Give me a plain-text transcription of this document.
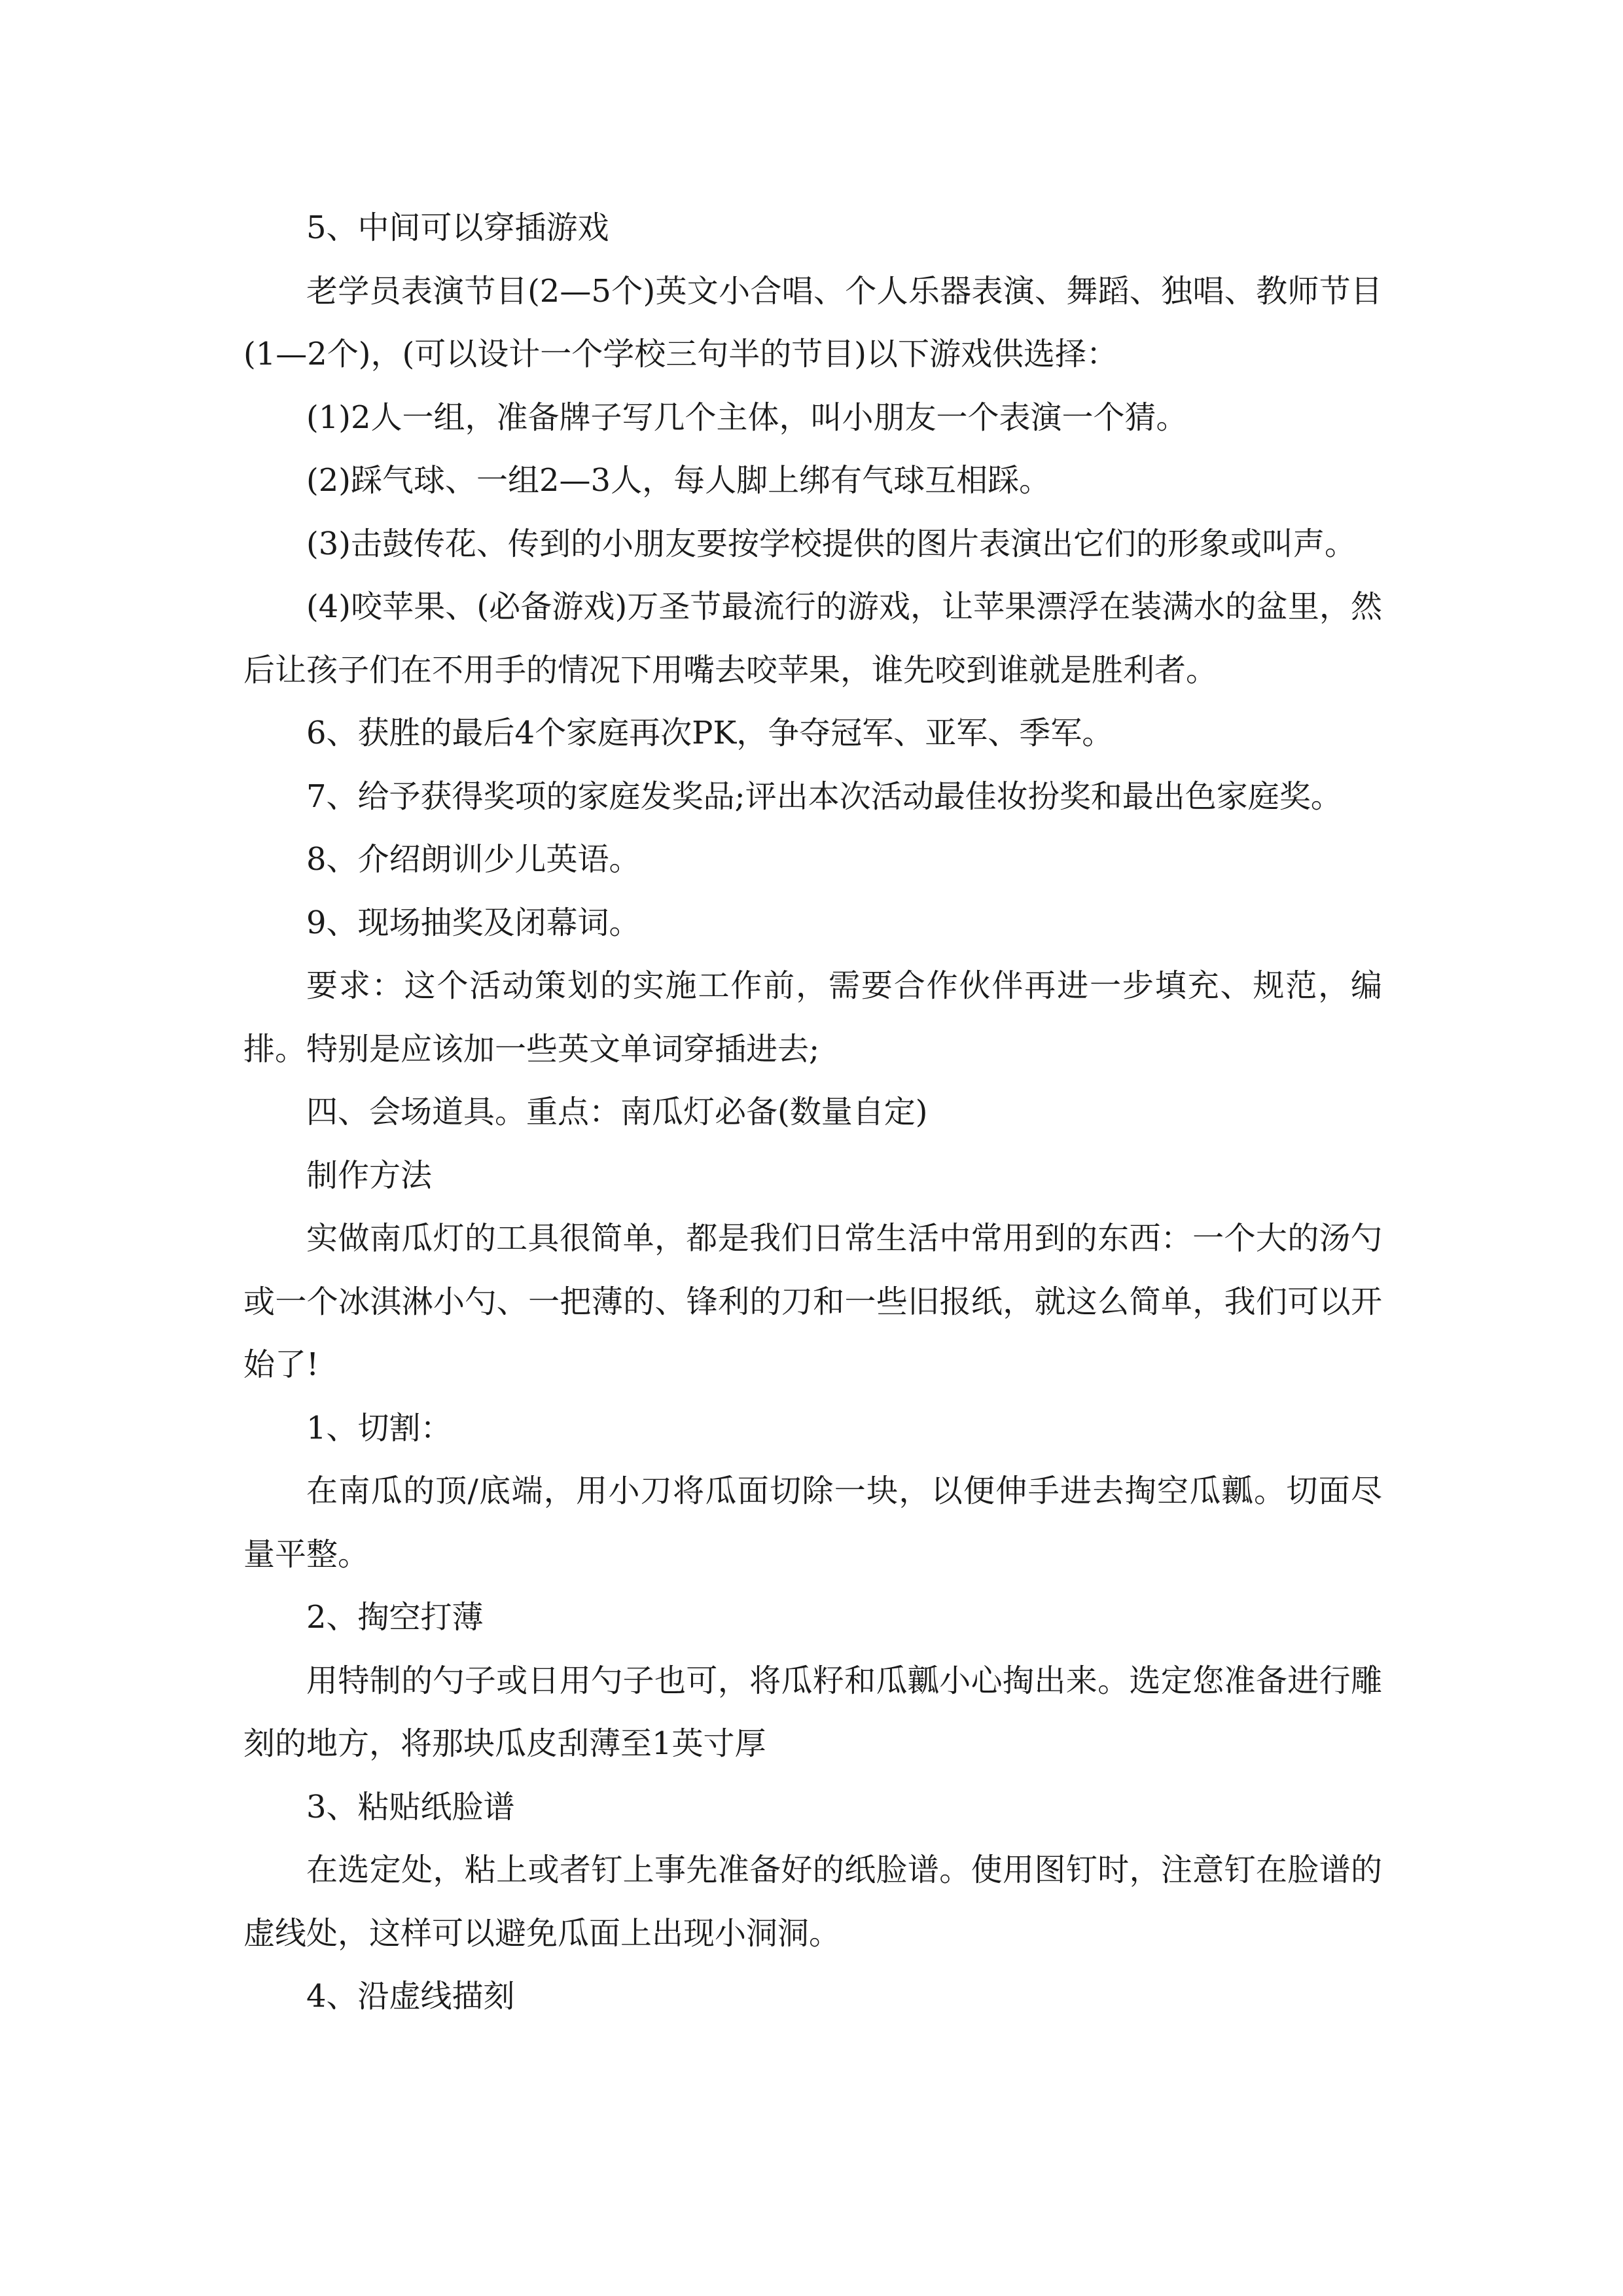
5、中间可以穿插游戏

老学员表演节目(2—5个)英文小合唱、个人乐器表演、舞蹈、独唱、教师节目(1—2个)，(可以设计一个学校三句半的节目)以下游戏供选择：

(1)2人一组，准备牌子写几个主体，叫小朋友一个表演一个猜。

(2)踩气球、一组2—3人，每人脚上绑有气球互相踩。

(3)击鼓传花、传到的小朋友要按学校提供的图片表演出它们的形象或叫声。

(4)咬苹果、(必备游戏)万圣节最流行的游戏，让苹果漂浮在装满水的盆里，然后让孩子们在不用手的情况下用嘴去咬苹果，谁先咬到谁就是胜利者。

6、获胜的最后4个家庭再次PK，争夺冠军、亚军、季军。

7、给予获得奖项的家庭发奖品;评出本次活动最佳妆扮奖和最出色家庭奖。

8、介绍朗训少儿英语。

9、现场抽奖及闭幕词。

要求：这个活动策划的实施工作前，需要合作伙伴再进一步填充、规范，编排。特别是应该加一些英文单词穿插进去;

四、会场道具。重点：南瓜灯必备(数量自定)

制作方法

实做南瓜灯的工具很简单，都是我们日常生活中常用到的东西：一个大的汤勺或一个冰淇淋小勺、一把薄的、锋利的刀和一些旧报纸，就这么简单，我们可以开始了!

1、切割：

在南瓜的顶/底端，用小刀将瓜面切除一块，以便伸手进去掏空瓜瓤。切面尽量平整。

2、掏空打薄

用特制的勺子或日用勺子也可，将瓜籽和瓜瓤小心掏出来。选定您准备进行雕刻的地方，将那块瓜皮刮薄至1英寸厚

3、粘贴纸脸谱

在选定处，粘上或者钉上事先准备好的纸脸谱。使用图钉时，注意钉在脸谱的虚线处，这样可以避免瓜面上出现小洞洞。

4、沿虚线描刻
